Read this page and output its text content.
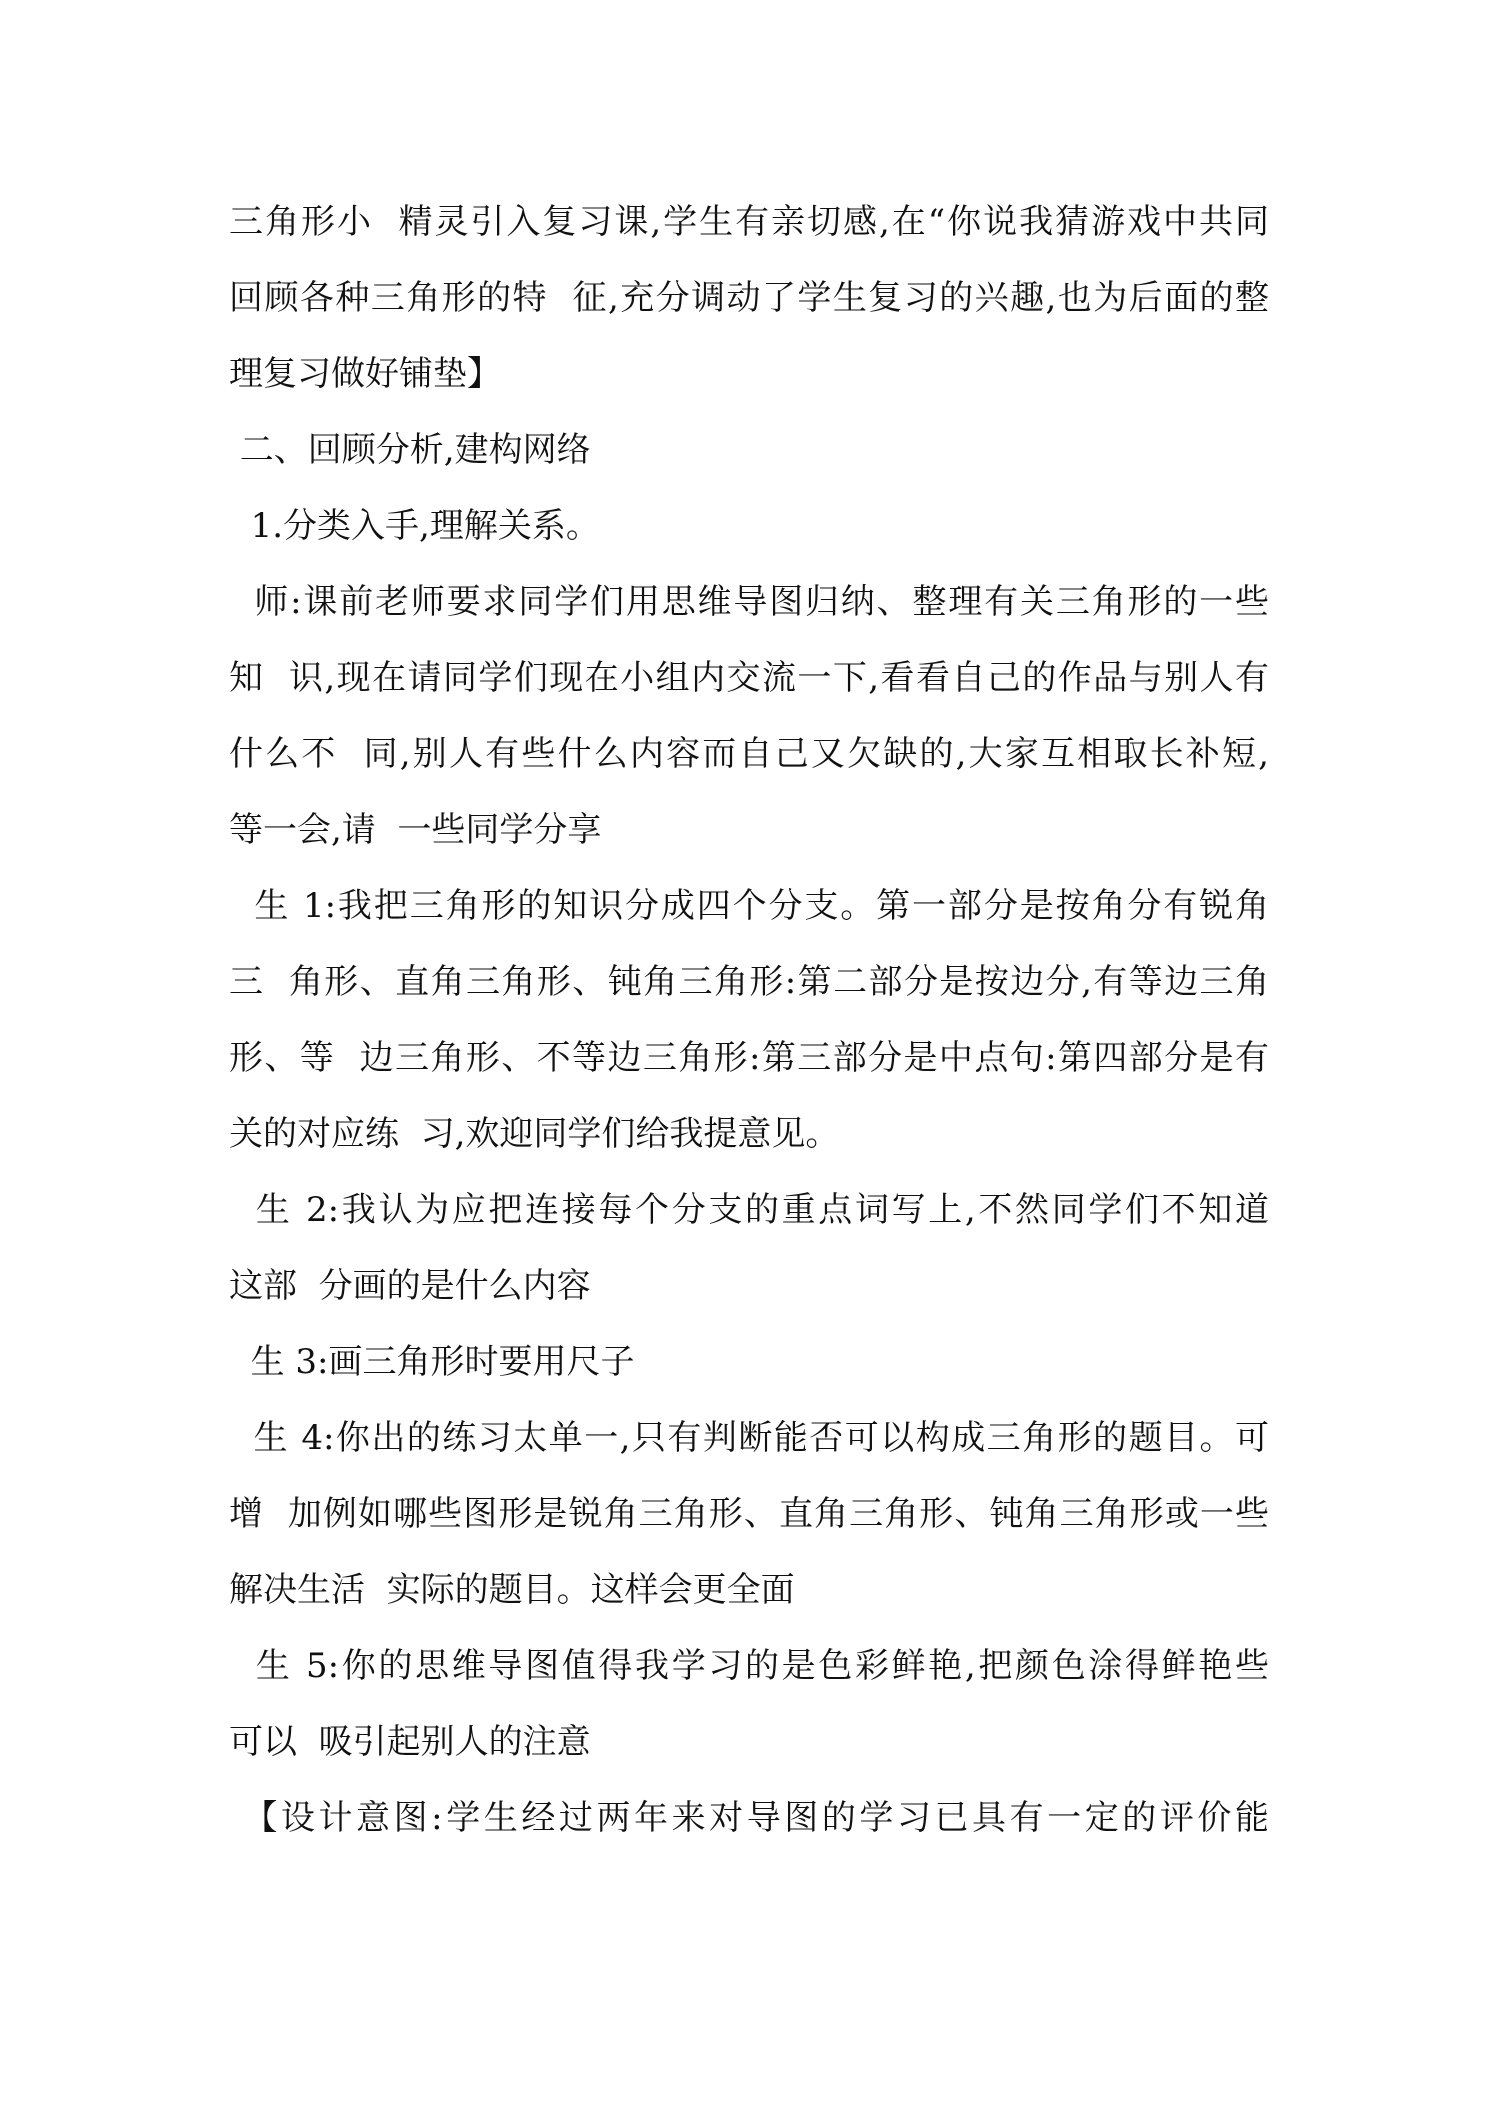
三角形小  精灵引入复习课,学生有亲切感,在“你说我猜游戏中共同
回顾各种三角形的特  征,充分调动了学生复习的兴趣,也为后面的整
理复习做好铺垫】
二、回顾分析,建构网络
1.分类入手,理解关系。
师:课前老师要求同学们用思维导图归纳、整理有关三角形的一些
知  识,现在请同学们现在小组内交流一下,看看自己的作品与别人有
什么不  同,别人有些什么内容而自己又欠缺的,大家互相取长补短,
等一会,请  一些同学分享
生 1:我把三角形的知识分成四个分支。第一部分是按角分有锐角
三  角形、直角三角形、钝角三角形:第二部分是按边分,有等边三角
形、等  边三角形、不等边三角形:第三部分是中点句:第四部分是有
关的对应练  习,欢迎同学们给我提意见。
生 2:我认为应把连接每个分支的重点词写上,不然同学们不知道
这部  分画的是什么内容
生 3:画三角形时要用尺子
生 4:你出的练习太单一,只有判断能否可以构成三角形的题目。可
增  加例如哪些图形是锐角三角形、直角三角形、钝角三角形或一些
解决生活  实际的题目。这样会更全面
生 5:你的思维导图值得我学习的是色彩鲜艳,把颜色涂得鲜艳些
可以  吸引起别人的注意
【设计意图:学生经过两年来对导图的学习已具有一定的评价能
